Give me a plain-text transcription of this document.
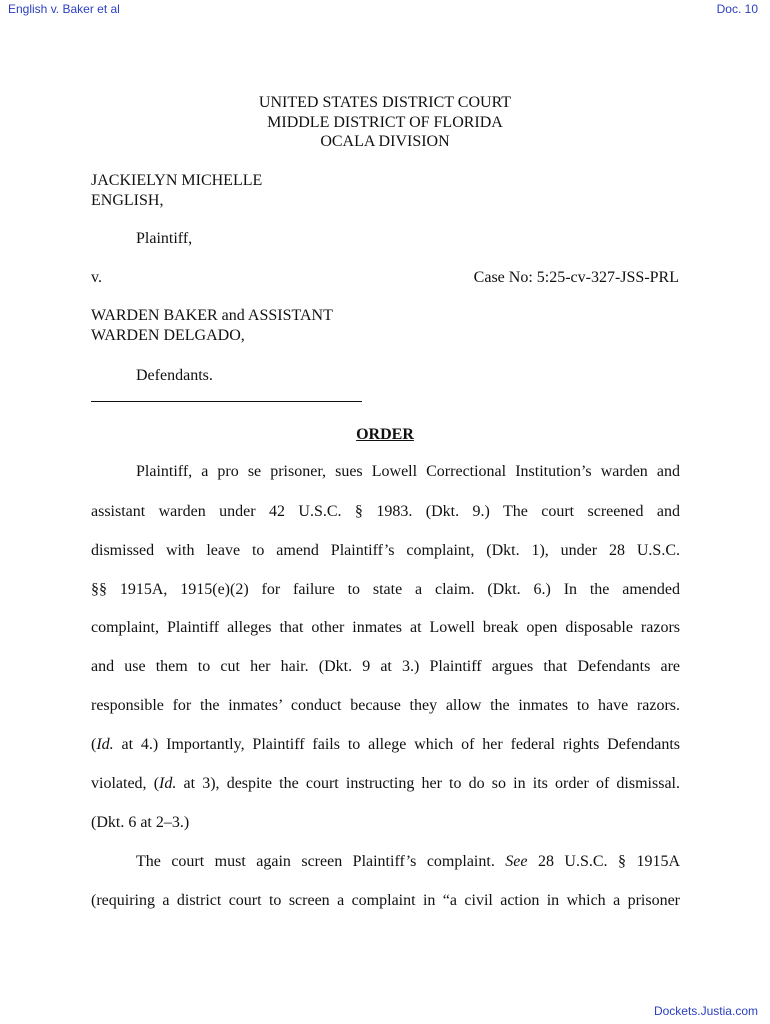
English v. Baker et al	Doc. 10
UNITED STATES DISTRICT COURT
MIDDLE DISTRICT OF FLORIDA
OCALA DIVISION
JACKIELYN MICHELLE
ENGLISH,
Plaintiff,
v.	Case No: 5:25-cv-327-JSS-PRL
WARDEN BAKER and ASSISTANT
WARDEN DELGADO,
Defendants.
ORDER
Plaintiff, a pro se prisoner, sues Lowell Correctional Institution’s warden and
assistant warden under 42 U.S.C. § 1983. (Dkt. 9.) The court screened and
dismissed with leave to amend Plaintiff’s complaint, (Dkt. 1), under 28 U.S.C.
§§ 1915A, 1915(e)(2) for failure to state a claim. (Dkt. 6.) In the amended
complaint, Plaintiff alleges that other inmates at Lowell break open disposable razors
and use them to cut her hair. (Dkt. 9 at 3.) Plaintiff argues that Defendants are
responsible for the inmates’ conduct because they allow the inmates to have razors.
(Id. at 4.) Importantly, Plaintiff fails to allege which of her federal rights Defendants
violated, (Id. at 3), despite the court instructing her to do so in its order of dismissal.
(Dkt. 6 at 2–3.)
The court must again screen Plaintiff’s complaint. See 28 U.S.C. § 1915A
(requiring a district court to screen a complaint in “a civil action in which a prisoner
Dockets.Justia.com
